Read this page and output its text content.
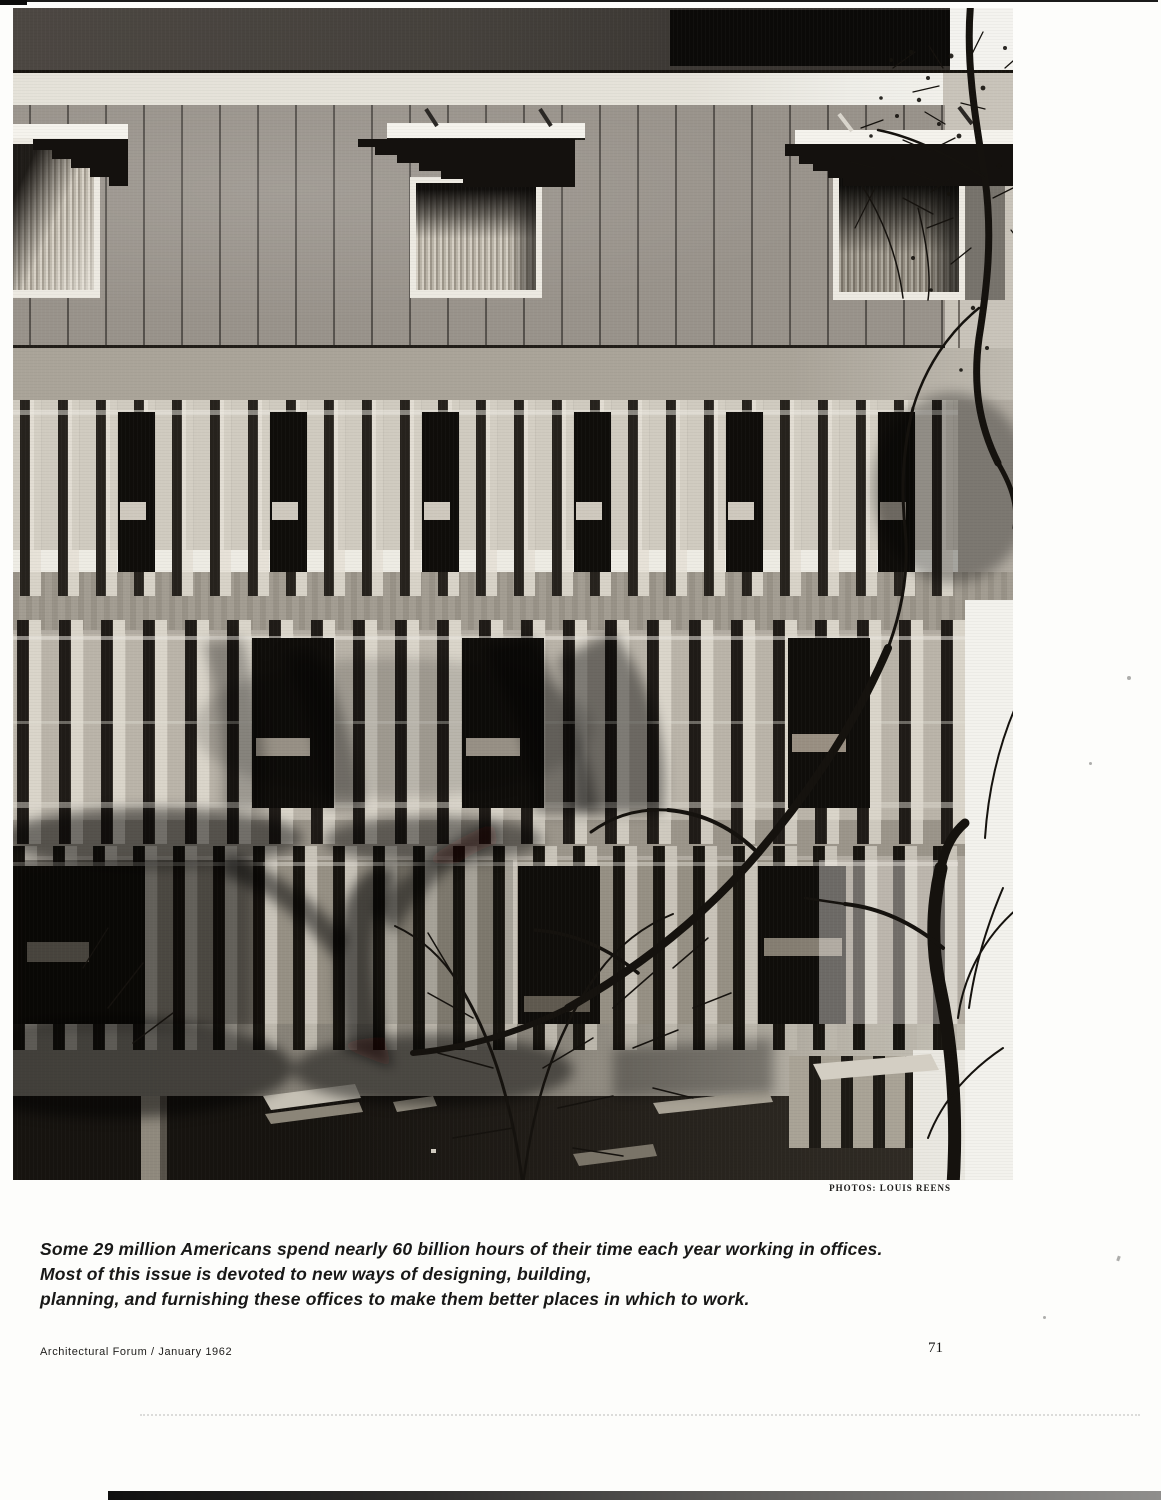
PHOTOS: LOUIS REENS

Some 29 million Americans spend nearly 60 billion hours of their time each year working in offices.
Most of this issue is devoted to new ways of designing, building,
planning, and furnishing these offices to make them better places in which to work.

Architectural Forum / January 1962	71
